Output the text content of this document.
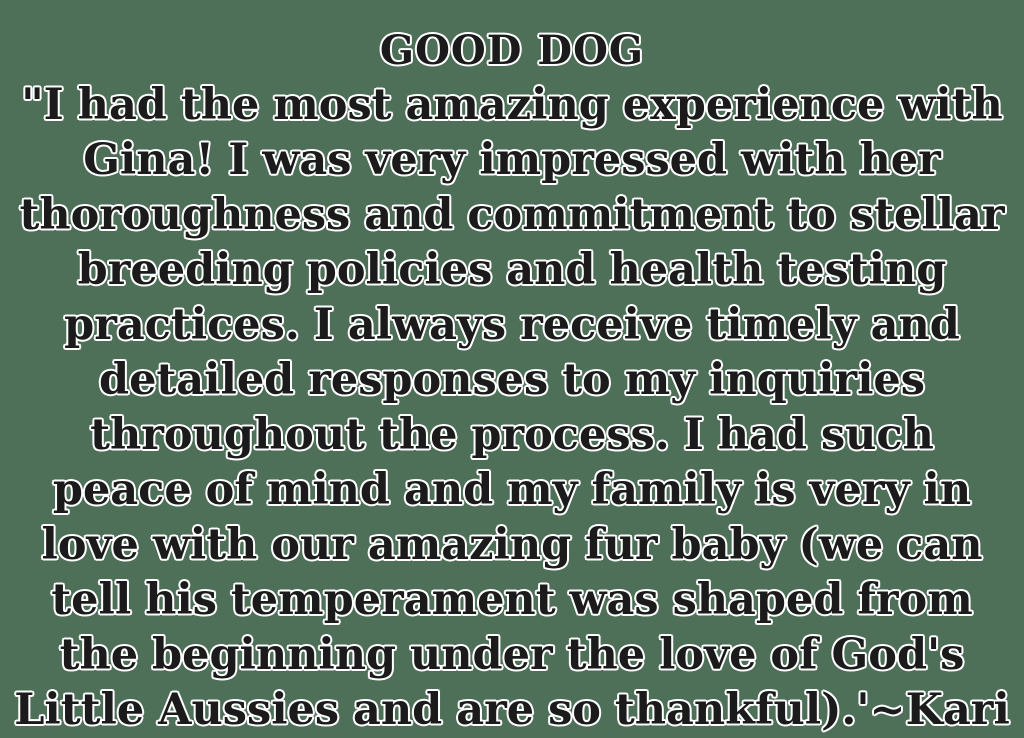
GOOD DOG
"I had the most amazing experience with Gina! I was very impressed with her thoroughness and commitment to stellar breeding policies and health testing practices. I always receive timely and detailed responses to my inquiries throughout the process. I had such peace of mind and my family is very in love with our amazing fur baby (we can tell his temperament was shaped from the beginning under the love of God's Little Aussies and are so thankful).'~Kari
